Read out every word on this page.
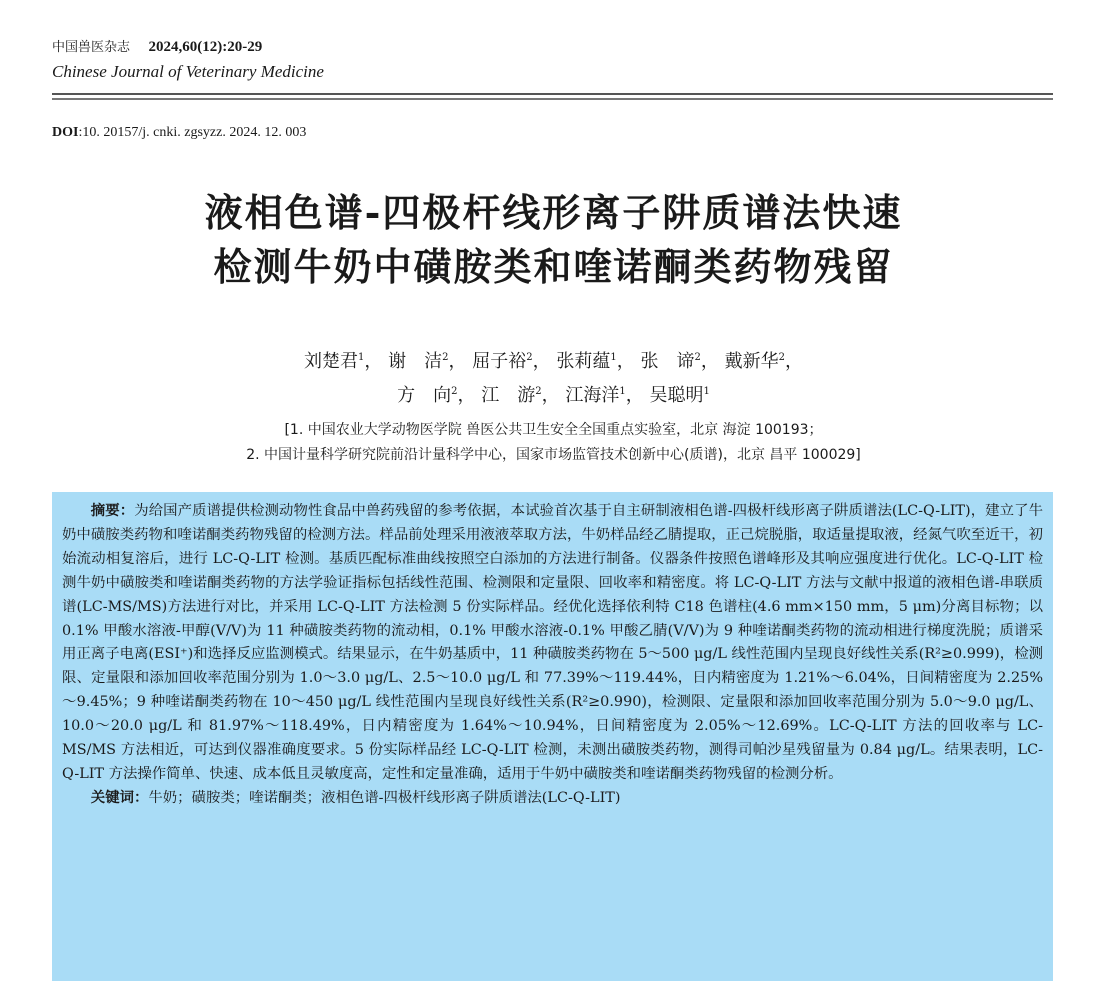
中国兽医杂志 2024,60(12):20-29
Chinese Journal of Veterinary Medicine
DOI:10. 20157/j. cnki. zgsyzz. 2024. 12. 003
液相色谱-四极杆线形离子阱质谱法快速
检测牛奶中磺胺类和喹诺酮类药物残留
刘楚君$^1$， 谢　洁$^2$， 屈子裕$^2$， 张莉蕴$^1$， 张　谛$^2$， 戴新华$^2$，
方　向$^2$， 江　游$^2$， 江海洋$^1$， 吴聪明$^1$
[1. 中国农业大学动物医学院 兽医公共卫生安全全国重点实验室，北京 海淀 100193；
2. 中国计量科学研究院前沿计量科学中心，国家市场监管技术创新中心(质谱)，北京 昌平 100029]

摘要：为给国产质谱提供检测动物性食品中兽药残留的参考依据，本试验首次基于自主研制液相色谱-四极杆线形离子阱质谱法(LC-Q-LIT)，建立了牛奶中磺胺类药物和喹诺酮类药物残留的检测方法。样品前处理采用液液萃取方法，牛奶样品经乙腈提取，正己烷脱脂，取适量提取液，经氮气吹至近干，初始流动相复溶后，进行 LC-Q-LIT 检测。基质匹配标准曲线按照空白添加的方法进行制备。仪器条件按照色谱峰形及其响应强度进行优化。LC-Q-LIT 检测牛奶中磺胺类和喹诺酮类药物的方法学验证指标包括线性范围、检测限和定量限、回收率和精密度。将 LC-Q-LIT 方法与文献中报道的液相色谱-串联质谱(LC-MS/MS)方法进行对比，并采用 LC-Q-LIT 方法检测 5 份实际样品。经优化选择依利特 C18 色谱柱(4.6 mm×150 mm，5 μm)分离目标物；以 0.1% 甲酸水溶液-甲醇(V/V)为 11 种磺胺类药物的流动相，0.1% 甲酸水溶液-0.1% 甲酸乙腈(V/V)为 9 种喹诺酮类药物的流动相进行梯度洗脱；质谱采用正离子电离(ESI⁺)和选择反应监测模式。结果显示，在牛奶基质中，11 种磺胺类药物在 5～500 μg/L 线性范围内呈现良好线性关系(R²≥0.999)，检测限、定量限和添加回收率范围分别为 1.0～3.0 μg/L、2.5～10.0 μg/L 和 77.39%～119.44%，日内精密度为 1.21%～6.04%，日间精密度为 2.25%～9.45%；9 种喹诺酮类药物在 10～450 μg/L 线性范围内呈现良好线性关系(R²≥0.990)，检测限、定量限和添加回收率范围分别为 5.0～9.0 μg/L、10.0～20.0 μg/L 和 81.97%～118.49%，日内精密度为 1.64%～10.94%，日间精密度为 2.05%～12.69%。LC-Q-LIT 方法的回收率与 LC-MS/MS 方法相近，可达到仪器准确度要求。5 份实际样品经 LC-Q-LIT 检测，未测出磺胺类药物，测得司帕沙星残留量为 0.84 μg/L。结果表明，LC-Q-LIT 方法操作简单、快速、成本低且灵敏度高，定性和定量准确，适用于牛奶中磺胺类和喹诺酮类药物残留的检测分析。

关键词：牛奶；磺胺类；喹诺酮类；液相色谱-四极杆线形离子阱质谱法(LC-Q-LIT)
